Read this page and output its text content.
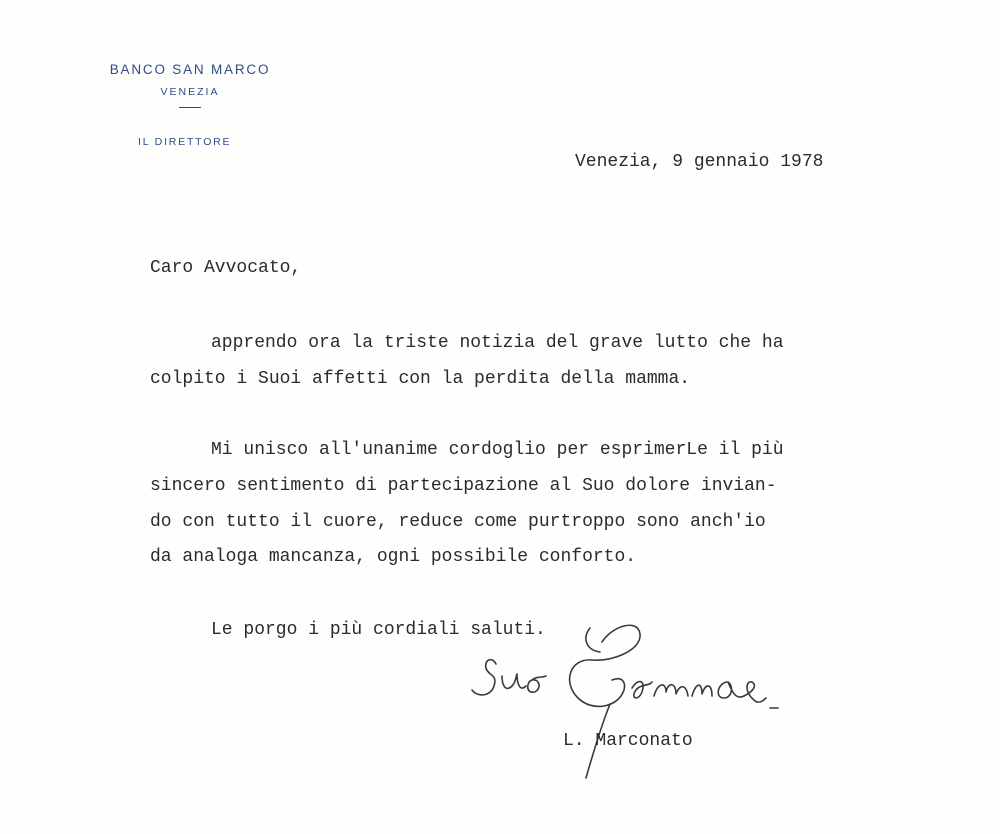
BANCO SAN MARCO
VENEZIA
IL DIRETTORE
Venezia, 9 gennaio 1978
Caro Avvocato,
apprendo ora la triste notizia del grave lutto che ha
colpito i Suoi affetti con la perdita della mamma.
Mi unisco all'unanime cordoglio per esprimerLe il più
sincero sentimento di partecipazione al Suo dolore invian-
do con tutto il cuore, reduce come purtroppo sono anch'io
da analoga mancanza, ogni possibile conforto.
Le porgo i più cordiali saluti.
L. Marconato
